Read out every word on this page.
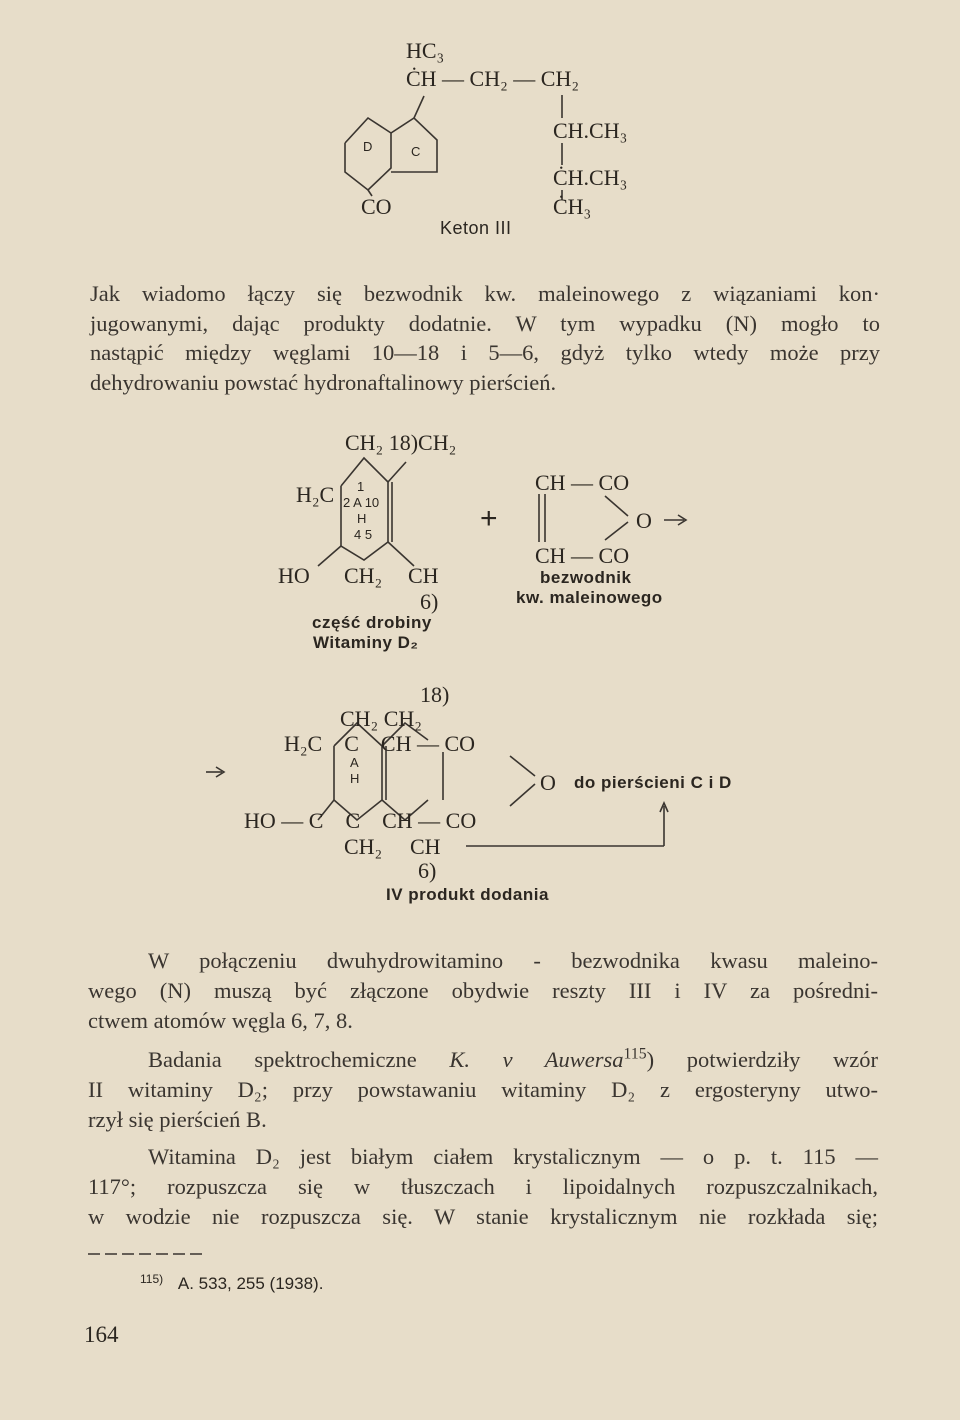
HC₃
ĊH — CH₂ — CH₂
CH.CH₃
ĊH.CH₃
ĊH₃
CO
D	C
Keton III
Jak wiadomo łączy się bezwodnik kw. maleinowego z wiązaniami kon·
jugowanymi, dając produkty dodatnie. W tym wypadku (N) mogło to
nastąpić między węglami 10—18 i 5—6, gdyż tylko wtedy może przy
dehydrowaniu powstać hydronaftalinowy pierścień.
CH₂ 18)CH₂
H₂C 1
2 A 10
H
4 5
HO CH₂ CH
6)
część drobiny
Witaminy D₂
+
CH — CO
O
CH — CO
bezwodnik
kw. maleinowego
18)
CH₂ CH₂
H₂C    C    CH — CO
A
H	O do pierścieni C i D
HO — C    C    CH — CO
CH₂ CH
6)
IV produkt dodania
W połączeniu dwuhydrowitamino - bezwodnika kwasu maleino-
wego (N) muszą być złączone obydwie reszty III i IV za pośredni-
ctwem atomów węgla 6, 7, 8.
Badania spektrochemiczne K. v Auwersa$^{115}$) potwierdziły wzór
II witaminy D₂; przy powstawaniu witaminy D₂ z ergosteryny utwo-
rzył się pierścień B.
Witamina D₂ jest białym ciałem krystalicznym — o p. t. 115 —
117°; rozpuszcza się w tłuszczach i lipoidalnych rozpuszczalnikach,
w wodzie nie rozpuszcza się. W stanie krystalicznym nie rozkłada się;
$^{115)}$ A. 533, 255 (1938).
164
